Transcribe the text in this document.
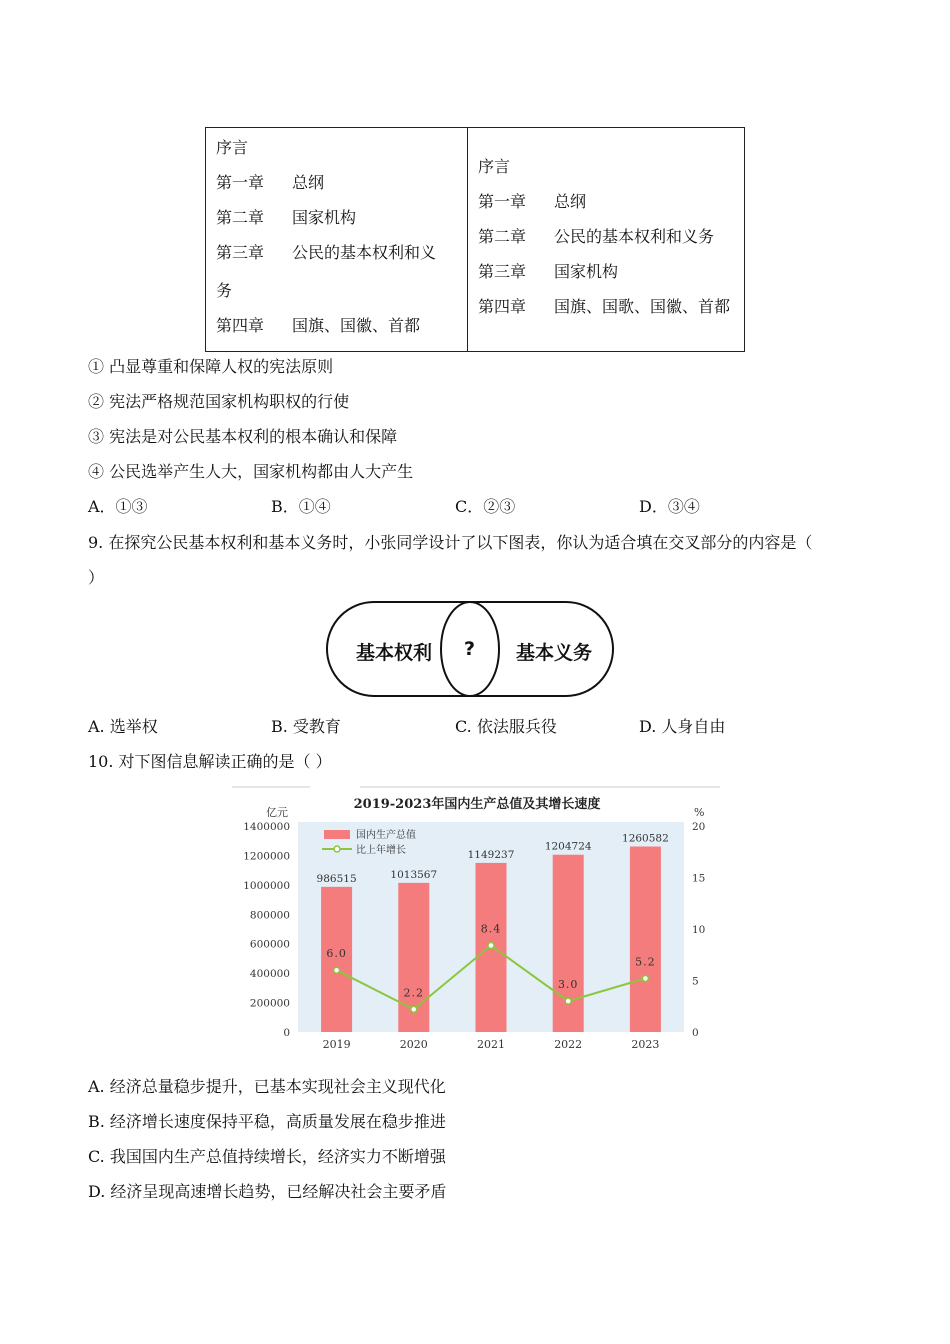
序言
第一章 总纲
第二章 国家机构
第三章 公民的基本权利和义
务
第四章 国旗、国徽、首都
序言
第一章 总纲
第二章 公民的基本权利和义务
第三章 国家机构
第四章 国旗、国歌、国徽、首都
① 凸显尊重和保障人权的宪法原则
② 宪法严格规范国家机构职权的行使
③ 宪法是对公民基本权利的根本确认和保障
④ 公民选举产生人大，国家机构都由人大产生
A．①③	B．①④	C．②③	D．③④
9. 在探究公民基本权利和基本义务时，小张同学设计了以下图表，你认为适合填在交叉部分的内容是（
）
基本权利 ? 基本义务
A. 选举权	B. 受教育	C. 依法服兵役	D. 人身自由
10. 对下图信息解读正确的是（ ）
2019-2023年国内生产总值及其增长速度
亿元	%
0
200000
400000
600000
800000
1000000
1200000
1400000
0
5
10
15
20
986515	1013567
1149237
1204724
1260582
6.0
2.2
8.4
3.0
5.2
2019	2020	2021	2022	2023
国内生产总值
比上年增长
A. 经济总量稳步提升，已基本实现社会主义现代化
B. 经济增长速度保持平稳，高质量发展在稳步推进
C. 我国国内生产总值持续增长，经济实力不断增强
D. 经济呈现高速增长趋势，已经解决社会主要矛盾
